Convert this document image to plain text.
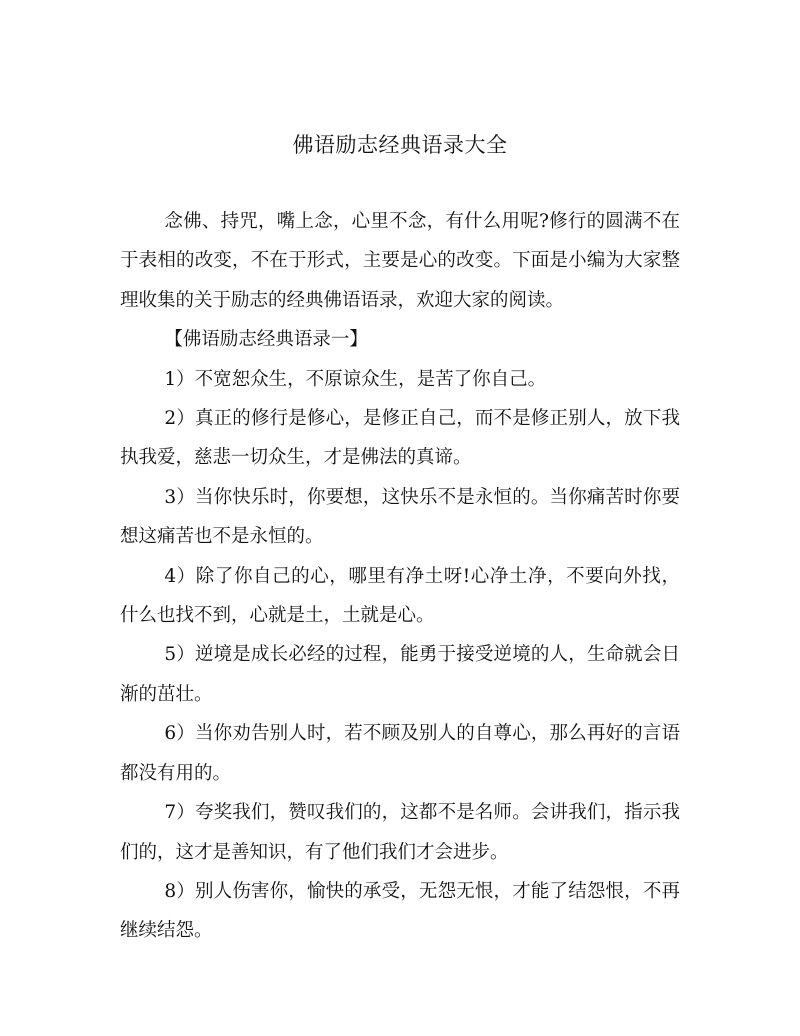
佛语励志经典语录大全

念佛、持咒，嘴上念，心里不念，有什么用呢?修行的圆满不在于表相的改变，不在于形式，主要是心的改变。下面是小编为大家整理收集的关于励志的经典佛语语录，欢迎大家的阅读。

【佛语励志经典语录一】

1）不宽恕众生，不原谅众生，是苦了你自己。

2）真正的修行是修心，是修正自己，而不是修正别人，放下我执我爱，慈悲一切众生，才是佛法的真谛。

3）当你快乐时，你要想，这快乐不是永恒的。当你痛苦时你要想这痛苦也不是永恒的。

4）除了你自己的心，哪里有净土呀!心净土净，不要向外找，什么也找不到，心就是土，土就是心。

5）逆境是成长必经的过程，能勇于接受逆境的人，生命就会日渐的茁壮。

6）当你劝告别人时，若不顾及别人的自尊心，那么再好的言语都没有用的。

7）夸奖我们，赞叹我们的，这都不是名师。会讲我们，指示我们的，这才是善知识，有了他们我们才会进步。

8）别人伤害你，愉快的承受，无怨无恨，才能了结怨恨，不再继续结怨。
